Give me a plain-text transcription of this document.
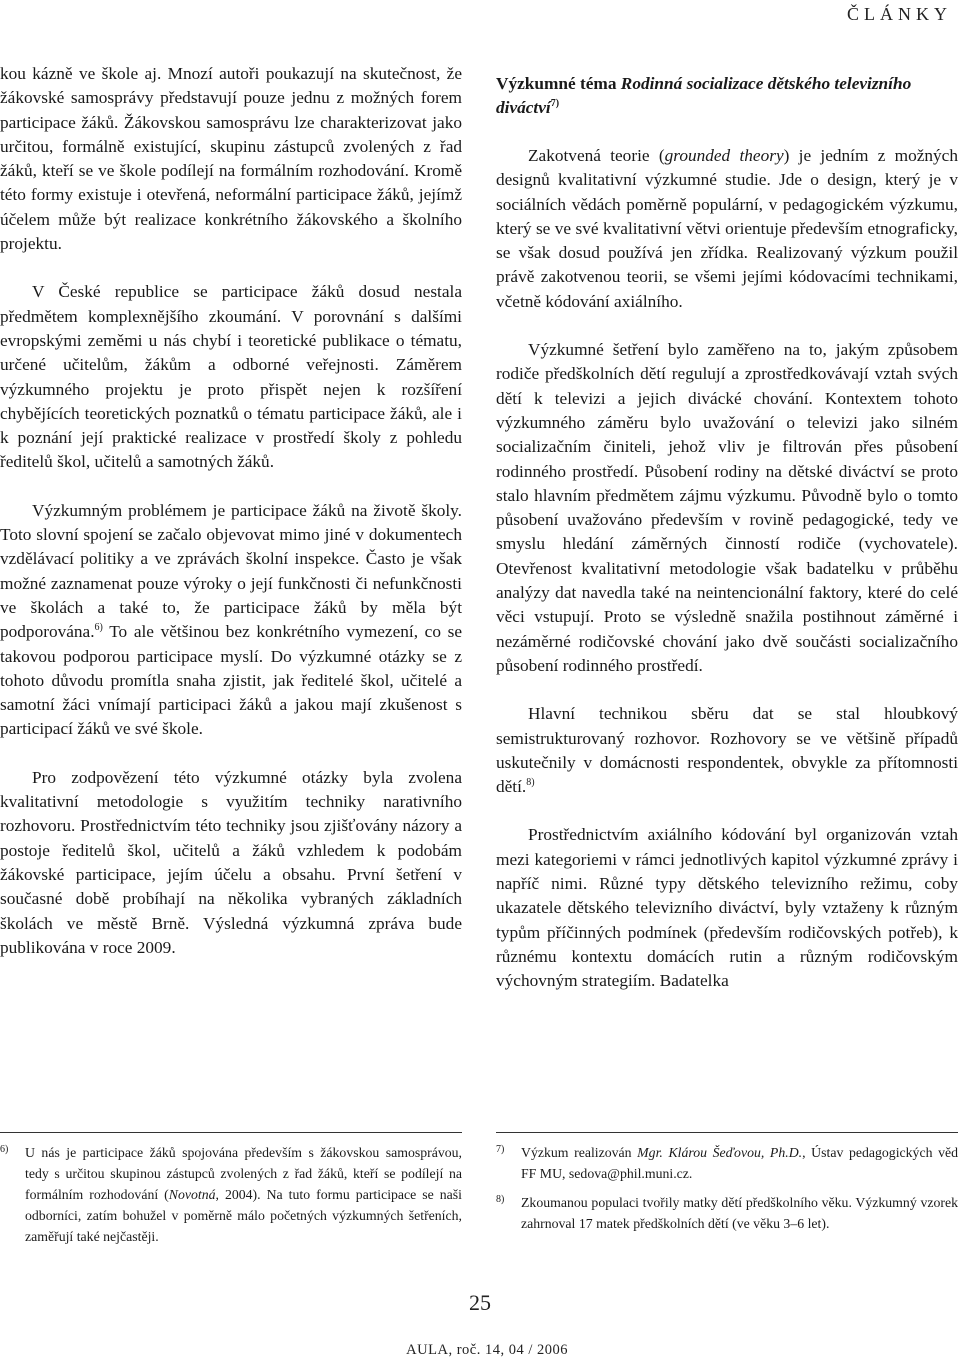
ČLÁNKY

kou kázně ve škole aj. Mnozí autoři poukazují na skutečnost, že žákovské samosprávy představují pouze jednu z možných forem participace žáků. Žákovskou samosprávu lze charakterizovat jako určitou, formálně existující, skupinu zástupců zvolených z řad žáků, kteří se ve škole podílejí na formálním rozhodování. Kromě této formy existuje i otevřená, neformální participace žáků, jejímž účelem může být realizace konkrétního žákovského a školního projektu.

V České republice se participace žáků dosud nestala předmětem komplexnějšího zkoumání. V porovnání s dalšími evropskými zeměmi u nás chybí i teoretické publikace o tématu, určené učitelům, žákům a odborné veřejnosti. Záměrem výzkumného projektu je proto přispět nejen k rozšíření chybějících teoretických poznatků o tématu participace žáků, ale i k poznání její praktické realizace v prostředí školy z pohledu ředitelů škol, učitelů a samotných žáků.

Výzkumným problémem je participace žáků na životě školy. Toto slovní spojení se začalo objevovat mimo jiné v dokumentech vzdělávací politiky a ve zprávách školní inspekce. Často je však možné zaznamenat pouze výroky o její funkčnosti či nefunkčnosti ve školách a také to, že participace žáků by měla být podporována.$^{6)}$ To ale většinou bez konkrétního vymezení, co se takovou podporou participace myslí. Do výzkumné otázky se z tohoto důvodu promítla snaha zjistit, jak ředitelé škol, učitelé a samotní žáci vnímají participaci žáků a jakou mají zkušenost s participací žáků ve své škole.

Pro zodpovězení této výzkumné otázky byla zvolena kvalitativní metodologie s využitím techniky narativního rozhovoru. Prostřednictvím této techniky jsou zjišťovány názory a postoje ředitelů škol, učitelů a žáků vzhledem k podobám žákovské participace, jejím účelu a obsahu. První šetření v současné době probíhají na několika vybraných základních školách ve městě Brně. Výsledná výzkumná zpráva bude publikována v roce 2009.

Výzkumné téma Rodinná socializace dětského televizního diváctví$^{7)}$

Zakotvená teorie (grounded theory) je jedním z možných designů kvalitativní výzkumné studie. Jde o design, který je v sociálních vědách poměrně populární, v pedagogickém výzkumu, který se ve své kvalitativní větvi orientuje především etnograficky, se však dosud používá jen zřídka. Realizovaný výzkum použil právě zakotvenou teorii, se všemi jejími kódovacími technikami, včetně kódování axiálního.

Výzkumné šetření bylo zaměřeno na to, jakým způsobem rodiče předškolních dětí regulují a zprostředkovávají vztah svých dětí k televizi a jejich divácké chování. Kontextem tohoto výzkumného záměru bylo uvažování o televizi jako silném socializačním činiteli, jehož vliv je filtrován přes působení rodinného prostředí. Působení rodiny na dětské diváctví se proto stalo hlavním předmětem zájmu výzkumu. Původně bylo o tomto působení uvažováno především v rovině pedagogické, tedy ve smyslu hledání záměrných činností rodiče (vychovatele). Otevřenost kvalitativní metodologie však badatelku v průběhu analýzy dat navedla také na neintencionální faktory, které do celé věci vstupují. Proto se výsledně snažila postihnout záměrné i nezáměrné rodičovské chování jako dvě součásti socializačního působení rodinného prostředí.

Hlavní technikou sběru dat se stal hloubkový semistrukturovaný rozhovor. Rozhovory se ve většině případů uskutečnily v domácnosti respondentek, obvykle za přítomnosti dětí.$^{8)}$

Prostřednictvím axiálního kódování byl organizován vztah mezi kategoriemi v rámci jednotlivých kapitol výzkumné zprávy i napříč nimi. Různé typy dětského televizního režimu, coby ukazatele dětského televizního diváctví, byly vztaženy k různým typům příčinných podmínek (především rodičovských potřeb), k různému kontextu domácích rutin a různým rodičovským výchovným strategiím. Badatelka

6) U nás je participace žáků spojována především s žákovskou samosprávou, tedy s určitou skupinou zástupců zvolených z řad žáků, kteří se podílejí na formálním rozhodování (Novotná, 2004). Na tuto formu participace se naši odborníci, zatím bohužel v poměrně málo početných výzkumných šetřeních, zaměřují také nejčastěji.
7) Výzkum realizován Mgr. Klárou Šeďovou, Ph.D., Ústav pedagogických věd FF MU, sedova@phil.muni.cz.
8) Zkoumanou populaci tvořily matky dětí předškolního věku. Výzkumný vzorek zahrnoval 17 matek předškolních dětí (ve věku 3–6 let).
25
AULA, roč. 14, 04 / 2006
